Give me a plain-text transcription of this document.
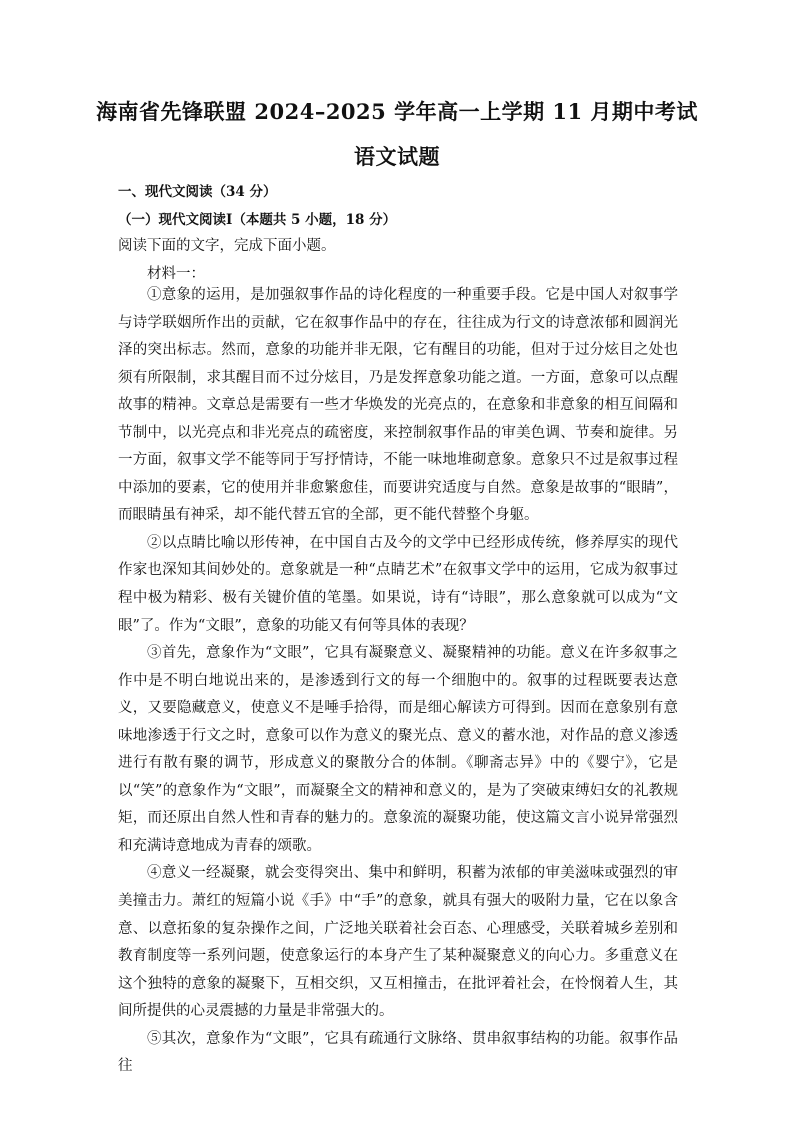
海南省先锋联盟 2024–2025 学年高一上学期 11 月期中考试
语文试题
一、现代文阅读（34 分）
（一）现代文阅读Ⅰ（本题共 5 小题，18 分）
阅读下面的文字，完成下面小题。
材料一：

①意象的运用，是加强叙事作品的诗化程度的一种重要手段。它是中国人对叙事学与诗学联姻所作出的贡献，它在叙事作品中的存在，往往成为行文的诗意浓郁和圆润光泽的突出标志。然而，意象的功能并非无限，它有醒目的功能，但对于过分炫目之处也须有所限制，求其醒目而不过分炫目，乃是发挥意象功能之道。一方面，意象可以点醒故事的精神。文章总是需要有一些才华焕发的光亮点的，在意象和非意象的相互间隔和节制中，以光亮点和非光亮点的疏密度，来控制叙事作品的审美色调、节奏和旋律。另一方面，叙事文学不能等同于写抒情诗，不能一味地堆砌意象。意象只不过是叙事过程中添加的要素，它的使用并非愈繁愈佳，而要讲究适度与自然。意象是故事的“眼睛”，而眼睛虽有神采，却不能代替五官的全部，更不能代替整个身躯。

②以点睛比喻以形传神，在中国自古及今的文学中已经形成传统，修养厚实的现代作家也深知其间妙处的。意象就是一种“点睛艺术”在叙事文学中的运用，它成为叙事过程中极为精彩、极有关键价值的笔墨。如果说，诗有“诗眼”，那么意象就可以成为“文眼”了。作为“文眼”，意象的功能又有何等具体的表现？

③首先，意象作为“文眼”，它具有凝聚意义、凝聚精神的功能。意义在许多叙事之作中是不明白地说出来的，是渗透到行文的每一个细胞中的。叙事的过程既要表达意义，又要隐藏意义，使意义不是唾手拾得，而是细心解读方可得到。因而在意象别有意味地渗透于行文之时，意象可以作为意义的聚光点、意义的蓄水池，对作品的意义渗透进行有散有聚的调节，形成意义的聚散分合的体制。《聊斋志异》中的《婴宁》，它是以“笑”的意象作为“文眼”，而凝聚全文的精神和意义的，是为了突破束缚妇女的礼教规矩，而还原出自然人性和青春的魅力的。意象流的凝聚功能，使这篇文言小说异常强烈和充满诗意地成为青春的颂歌。

④意义一经凝聚，就会变得突出、集中和鲜明，积蓄为浓郁的审美滋味或强烈的审美撞击力。萧红的短篇小说《手》中“手”的意象，就具有强大的吸附力量，它在以象含意、以意拓象的复杂操作之间，广泛地关联着社会百态、心理感受，关联着城乡差别和教育制度等一系列问题，使意象运行的本身产生了某种凝聚意义的向心力。多重意义在这个独特的意象的凝聚下，互相交织，又互相撞击，在批评着社会，在怜悯着人生，其间所提供的心灵震撼的力量是非常强大的。

⑤其次，意象作为“文眼”，它具有疏通行文脉络、贯串叙事结构的功能。叙事作品往
